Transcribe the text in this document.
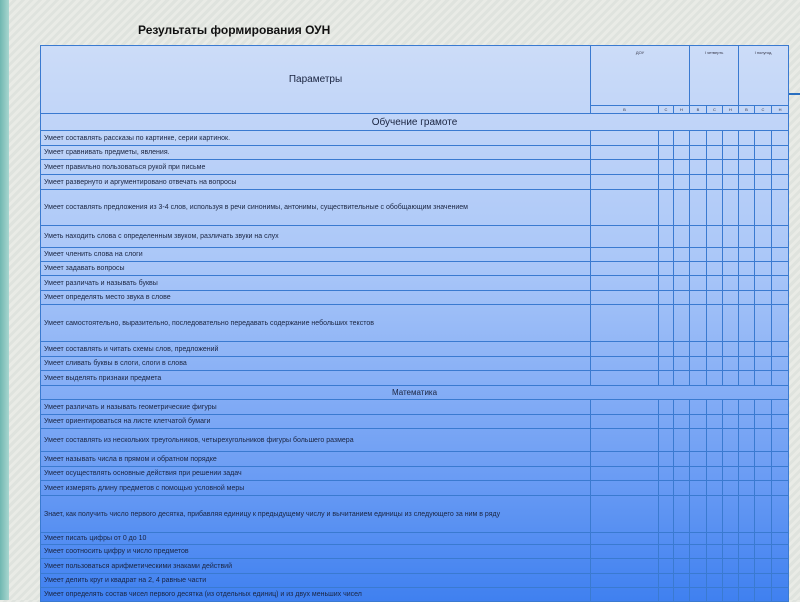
Результаты формирования ОУН
Параметры	ДОУ			I четверть			I полугод.		
	В	С	Н	В	С	Н	В	С	Н
Обучение грамоте									
Умеет составлять рассказы по картинке, серии картинок.									
Умеет сравнивать предметы, явления.									
Умеет правильно пользоваться рукой при письме									
Умеет развернуто и аргументировано отвечать на вопросы									
Умеет составлять предложения из 3-4 слов, используя в речи синонимы, антонимы, существительные с обобщающим значением									
Уметь находить слова с определенным звуком, различать звуки на слух									
Умеет членить слова на слоги									
Умеет задавать вопросы									
Умеет различать и называть буквы									
Умеет определять место звука в слове									
Умеет самостоятельно, выразительно, последовательно передавать содержание небольших текстов									
Умеет составлять и читать схемы слов, предложений									
Умеет сливать буквы в слоги, слоги в слова									
Умеет выделять признаки предмета									
Математика									
Умеет различать и называть геометрические фигуры									
Умеет ориентироваться на листе клетчатой бумаги									
Умеет составлять из нескольких треугольников, четырехугольников фигуры большего размера									
Умеет называть числа в прямом и обратном порядке									
Умеет осуществлять основные действия при решении задач									
Умеет измерять длину предметов с помощью условной меры									
Знает, как получить число первого десятка, прибавляя единицу к предыдущему числу и вычитанием единицы из следующего за ним в ряду									
Умеет писать цифры от 0 до 10									
Умеет соотносить цифру и число предметов									
Умеет пользоваться арифметическими знаками действий									
Умеет делить круг и квадрат на 2, 4 равные части									
Умеет определять состав чисел первого десятка (из отдельных единиц) и из двух меньших чисел									
